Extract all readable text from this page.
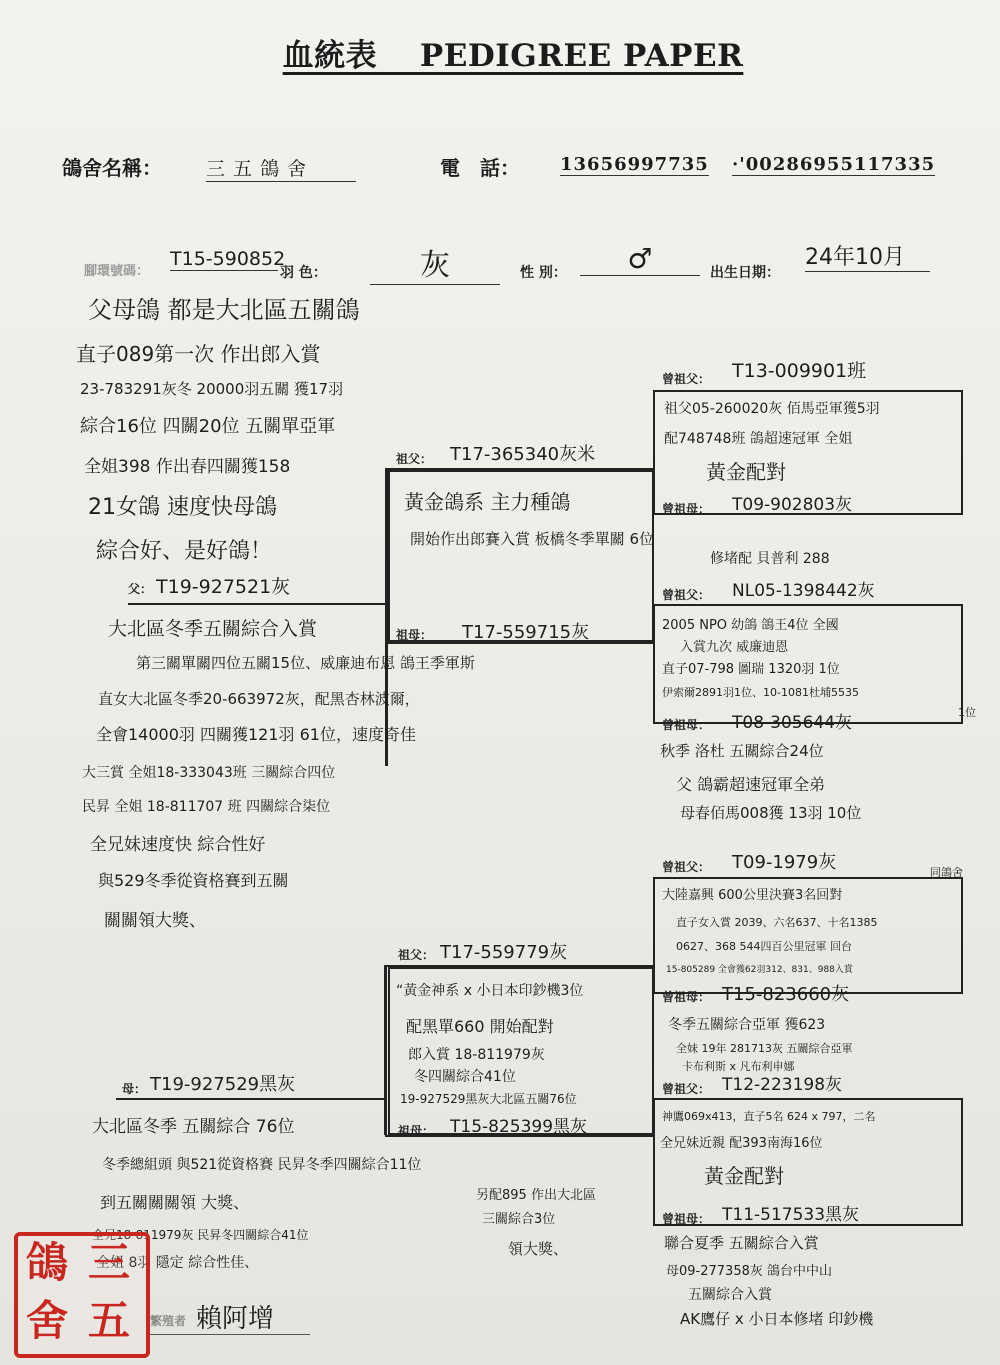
血統表　 PEDIGREE PAPER
鴿舍名稱： 三 五 鴿 舍	電　話： 13656997735 ·'00286955117335
腳環號碼：
T15-590852
羽 色：	灰	性 別：	♂	出生日期：
24年10月
父母鴿 都是大北區五關鴿
直子089第一次 作出郎入賞
23-783291灰冬 20000羽五關 獲17羽
綜合16位 四關20位 五關單亞軍
全姐398 作出春四關獲158
21女鴿 速度快母鴿
綜合好、是好鴿！
父： T19-927521灰
大北區冬季五關綜合入賞
第三關單關四位五關15位、威廉迪布恩 鴿王季軍斯
直女大北區冬季20-663972灰，配黑杏林波爾，
全會14000羽 四關獲121羽 61位，速度奇佳
大三賞 全姐18-333043班 三關綜合四位
民昇 全姐 18-811707 班 四關綜合柒位
全兄妹速度快 綜合性好
與529冬季從資格賽到五關
關關領大獎、
祖父： T17-365340灰米
黃金鴿系 主力種鴿
開始作出郎賽入賞 板橋冬季單關 6位
修堵配 貝普利 288
祖母： T17-559715灰
曾祖父： T13-009901班
祖父05-260020灰 佰馬亞軍獲5羽
配748748班 鴿超速冠軍 全姐
黃金配對
曾祖母： T09-902803灰
曾祖父： NL05-1398442灰
2005 NPO 幼鴿 鴿王4位 全國
入賞九次 威廉迪恩
直子07-798 圖瑞 1320羽 1位
伊索爾2891羽1位、10-1081杜埔5535
1位
曾祖母： T08-305644灰
秋季 洛杜 五關綜合24位
父 鴿霸超速冠軍全弟
母春佰馬008獲 13羽 10位
母： T19-927529黑灰
大北區冬季 五關綜合 76位
冬季總組頭 與521從資格賽 民昇冬季四關綜合11位
到五關關關領 大獎、
全兄18-811979灰 民昇冬四關綜合41位
全姐 8羽 隱定 綜合性佳、
祖父： T17-559779灰
“黃金神系 x 小日本印鈔機3位
配黑單660 開始配對
郎入賞 18-811979灰
冬四關綜合41位
19-927529黑灰大北區五關76位
祖母： T15-825399黑灰
另配895 作出大北區
三關綜合3位
領大獎、
曾祖父： T09-1979灰	同鴿舍
大陸嘉興 600公里決賽3名回對
直子女入賞 2039、六名637、十名1385
0627、368 544四百公里冠軍 回台
15-805289 全會獲62羽312、831、988入賞
曾祖母： T15-823660灰
冬季五關綜合亞軍 獲623
全妹 19年 281713灰 五關綜合亞軍
卡布利斯 x 凡布利申娜
曾祖父： T12-223198灰
神鷹069x413，直子5名 624 x 797，二名
全兄妹近親 配393南海16位
黃金配對
曾祖母： T11-517533黑灰
聯合夏季 五關綜合入賞
母09-277358灰 鴿台中中山
五關綜合入賞
AK鷹仔 x 小日本修堵 印鈔機
繁殖者 賴阿增
三
五
鴿
舍
